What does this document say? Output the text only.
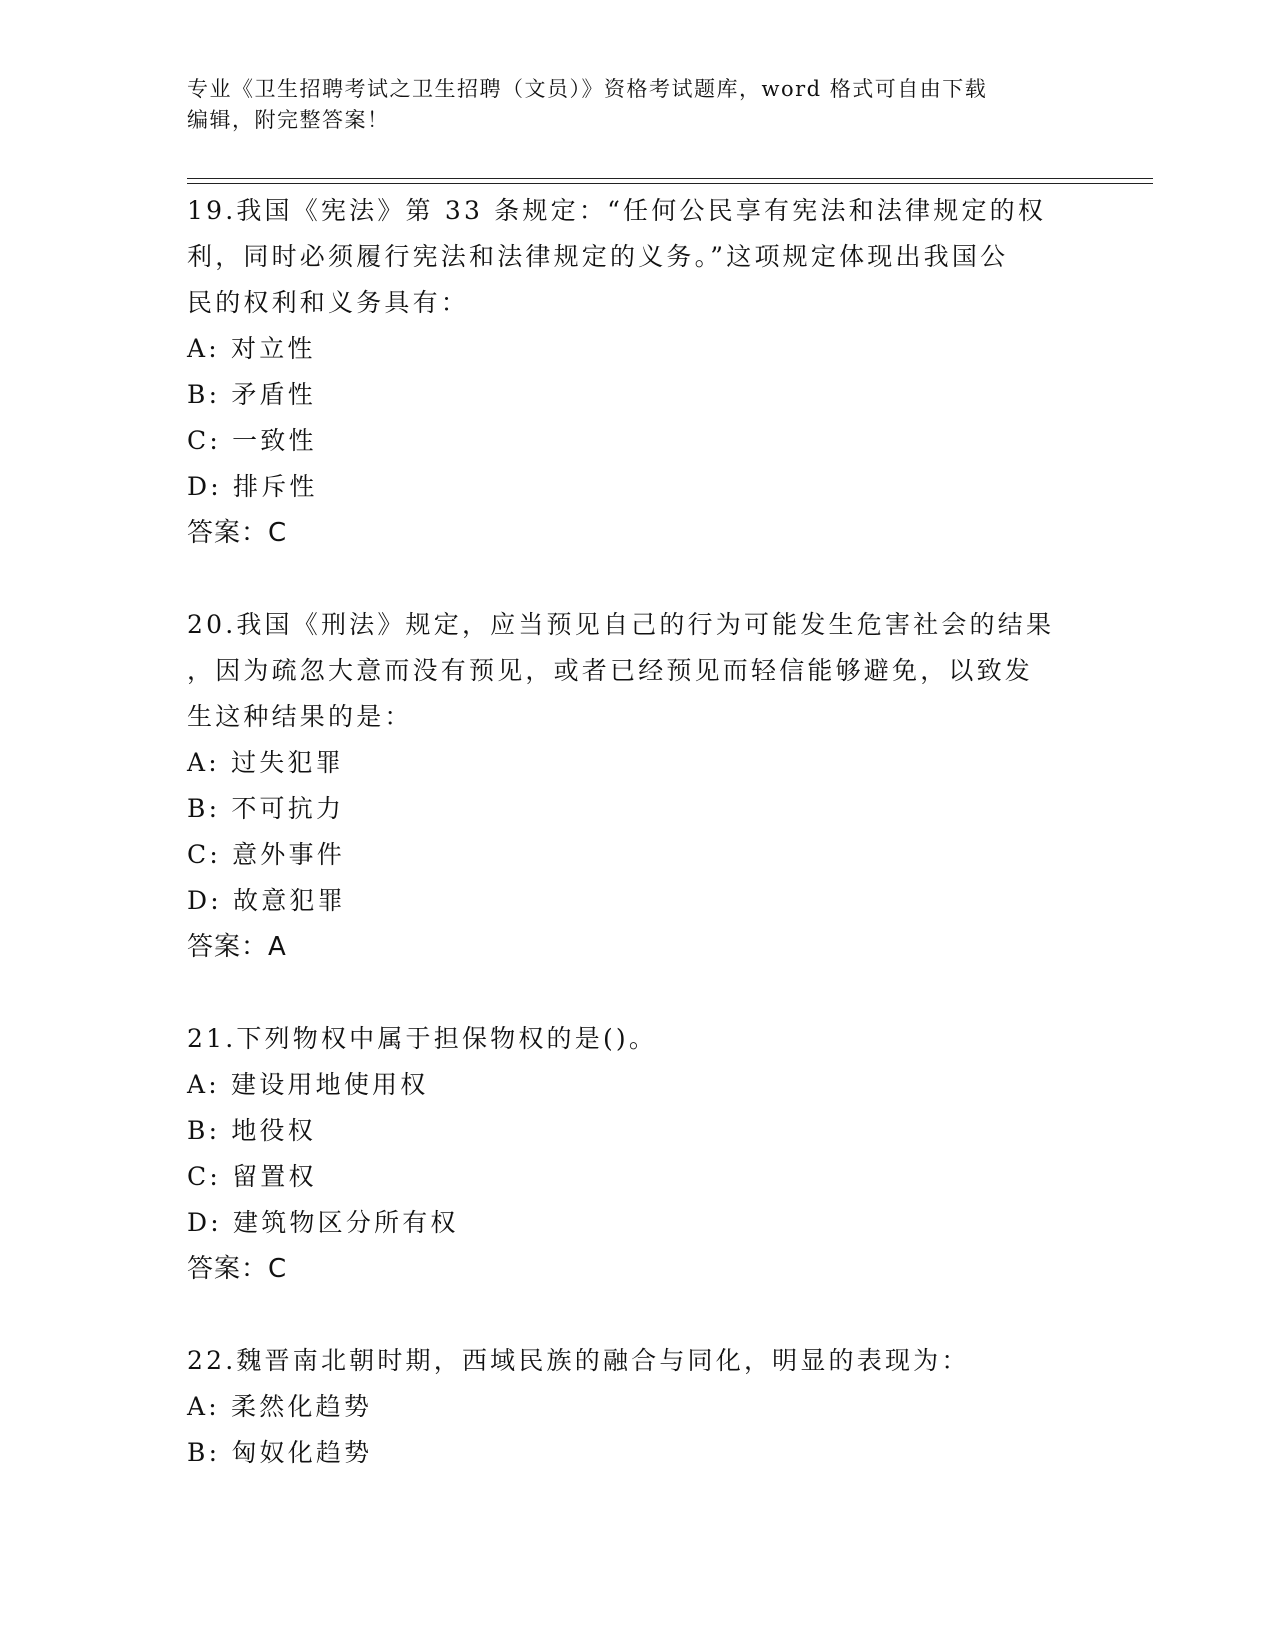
专业《卫生招聘考试之卫生招聘（文员）》资格考试题库，word 格式可自由下载
编辑，附完整答案！
19.我国《宪法》第 33 条规定：“任何公民享有宪法和法律规定的权
利，同时必须履行宪法和法律规定的义务。”这项规定体现出我国公
民的权利和义务具有：
A: 对立性
B: 矛盾性
C: 一致性
D: 排斥性
答案：C
20.我国《刑法》规定，应当预见自己的行为可能发生危害社会的结果
，因为疏忽大意而没有预见，或者已经预见而轻信能够避免，以致发
生这种结果的是：
A: 过失犯罪
B: 不可抗力
C: 意外事件
D: 故意犯罪
答案：A
21.下列物权中属于担保物权的是()。
A: 建设用地使用权
B: 地役权
C: 留置权
D: 建筑物区分所有权
答案：C
22.魏晋南北朝时期，西域民族的融合与同化，明显的表现为：
A: 柔然化趋势
B: 匈奴化趋势
